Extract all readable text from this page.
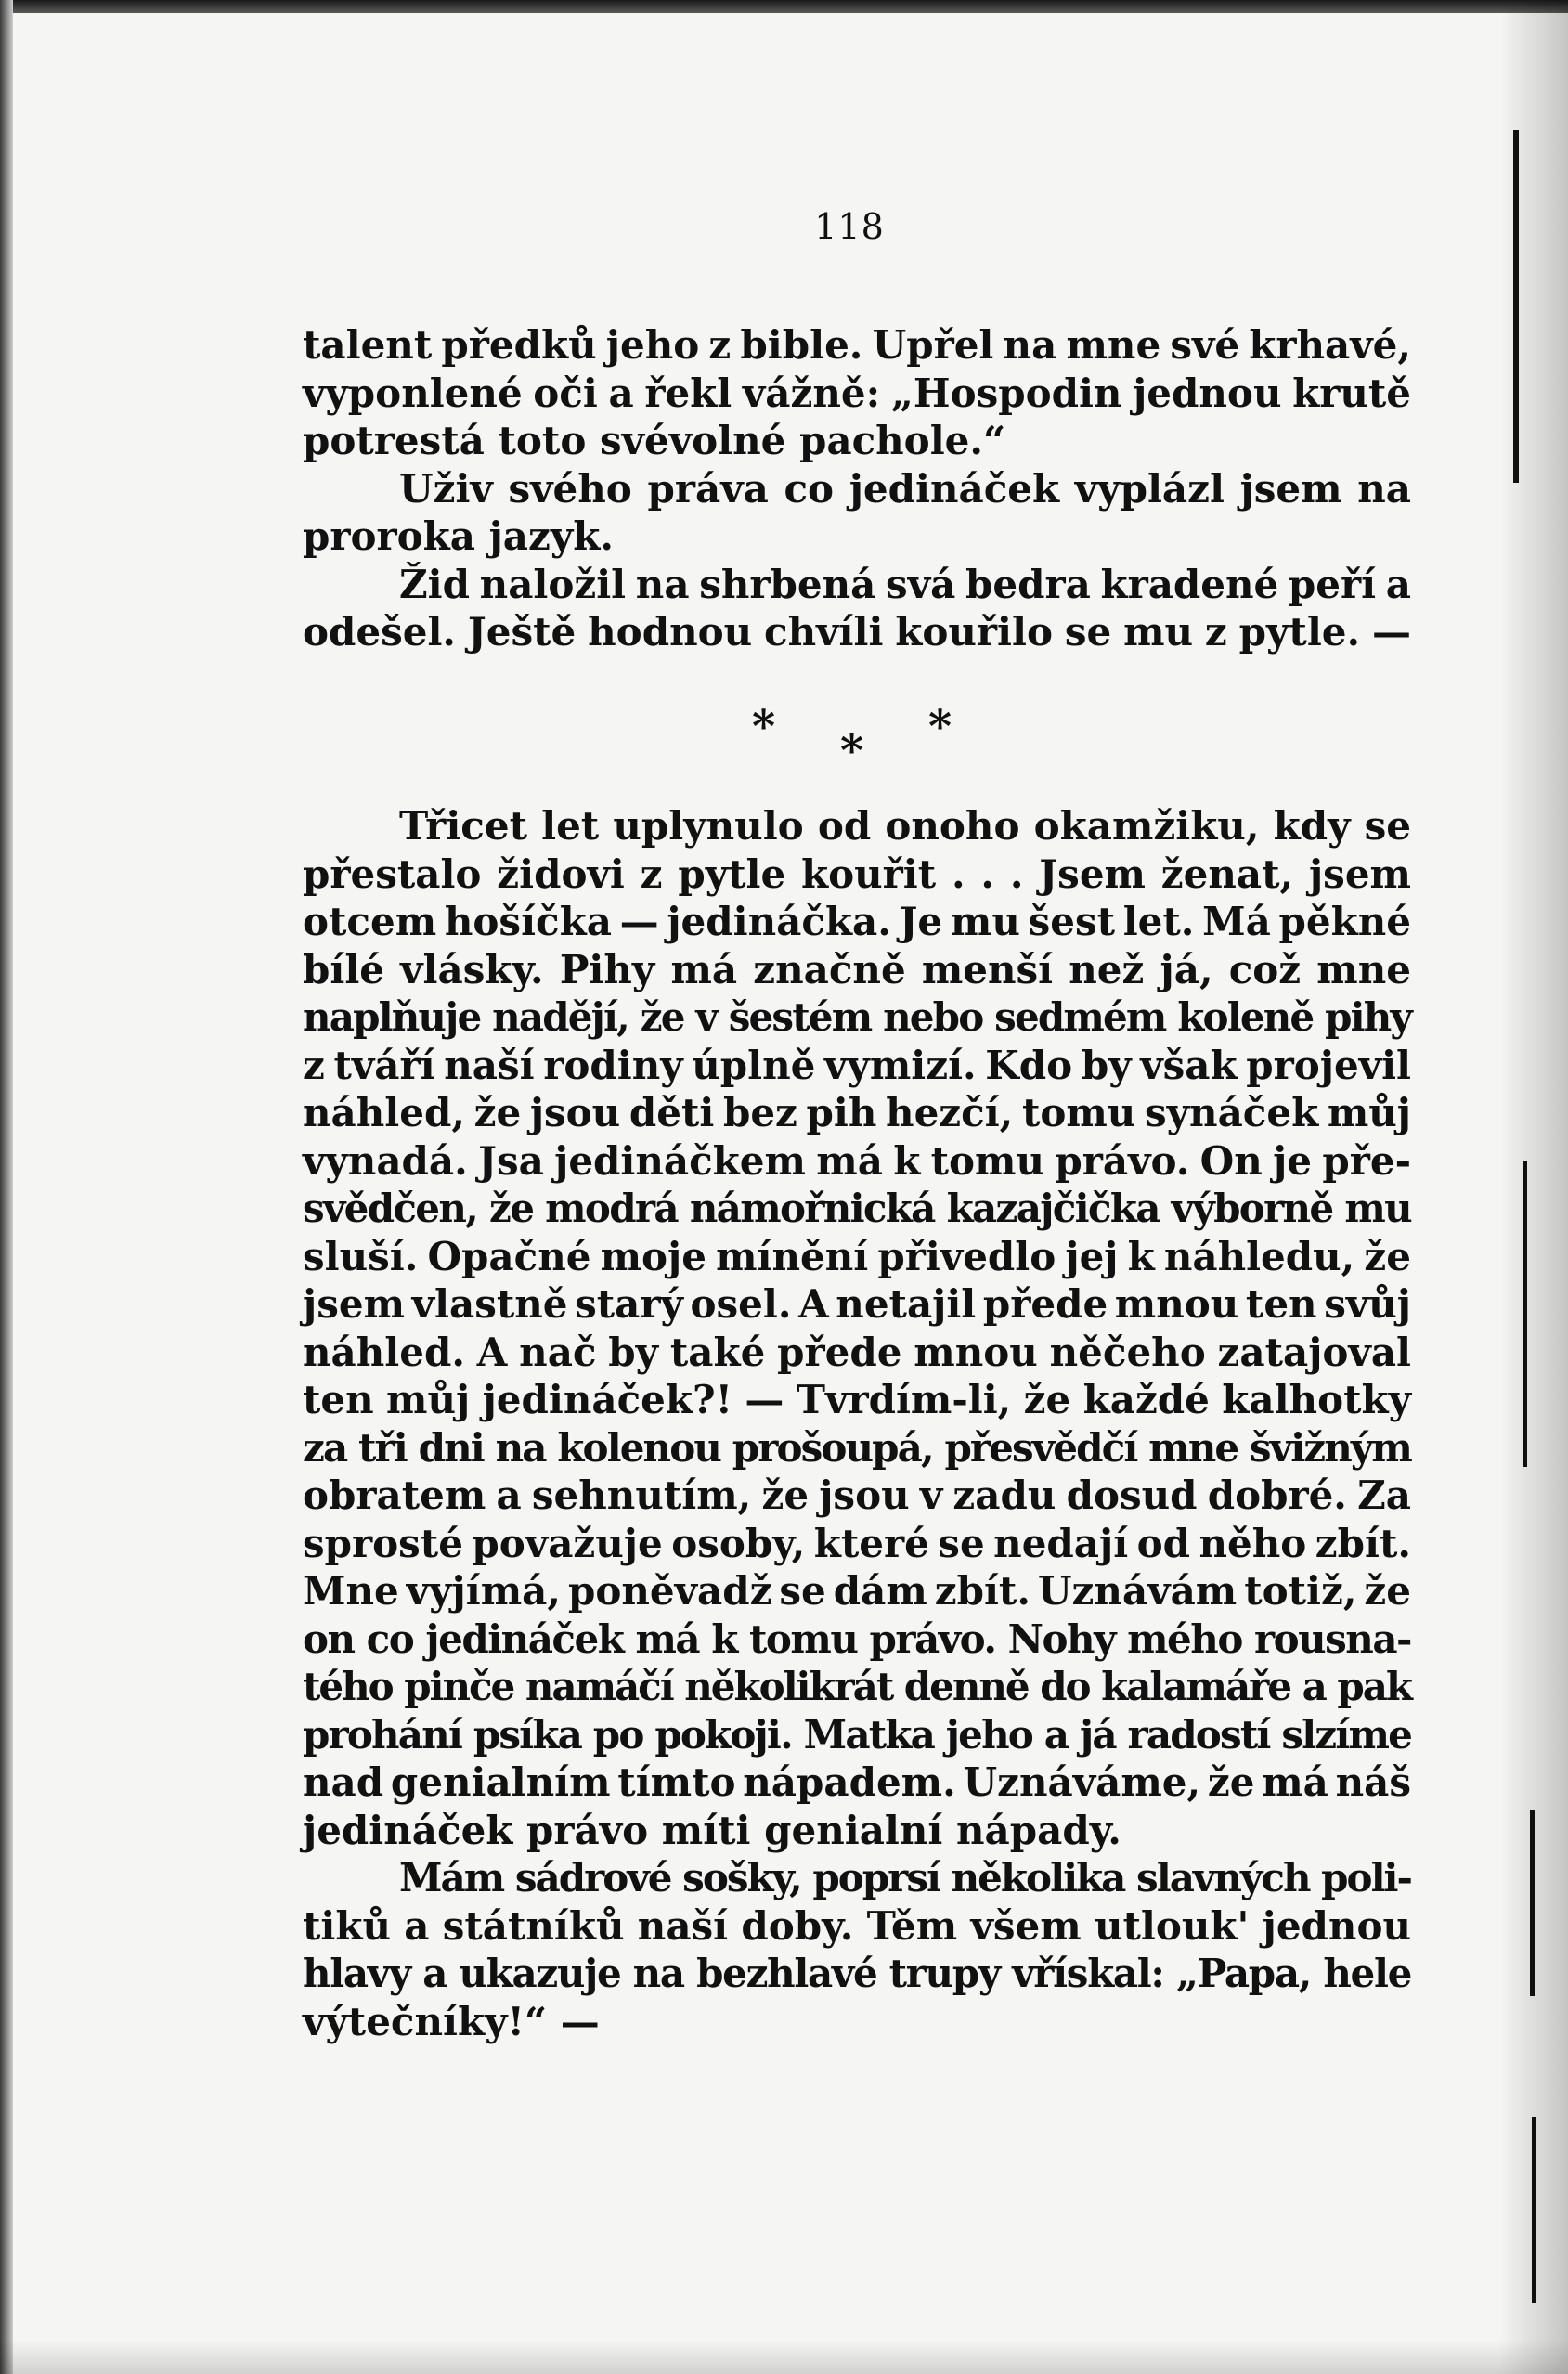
118
talent předků jeho z bible. Upřel na mne své krhavé,
vyponlené oči a řekl vážně: „Hospodin jednou krutě
potrestá toto svévolné pachole.“
Uživ svého práva co jedináček vyplázl jsem na
proroka jazyk.
Žid naložil na shrbená svá bedra kradené peří a
odešel. Ještě hodnou chvíli kouřilo se mu z pytle. —
* * *
Třicet let uplynulo od onoho okamžiku, kdy se
přestalo židovi z pytle kouřit . . . Jsem ženat, jsem
otcem hošíčka — jedináčka. Je mu šest let. Má pěkné
bílé vlásky. Pihy má značně menší než já, což mne
naplňuje nadějí, že v šestém nebo sedmém koleně pihy
z tváří naší rodiny úplně vymizí. Kdo by však projevil
náhled, že jsou děti bez pih hezčí, tomu synáček můj
vynadá. Jsa jedináčkem má k tomu právo. On je pře-
svědčen, že modrá námořnická kazajčička výborně mu
sluší. Opačné moje mínění přivedlo jej k náhledu, že
jsem vlastně starý osel. A netajil přede mnou ten svůj
náhled. A nač by také přede mnou něčeho zatajoval
ten můj jedináček?! — Tvrdím-li, že každé kalhotky
za tři dni na kolenou prošoupá, přesvědčí mne švižným
obratem a sehnutím, že jsou v zadu dosud dobré. Za
sprosté považuje osoby, které se nedají od něho zbít.
Mne vyjímá, poněvadž se dám zbít. Uznávám totiž, že
on co jedináček má k tomu právo. Nohy mého rousna-
tého pinče namáčí několikrát denně do kalamáře a pak
prohání psíka po pokoji. Matka jeho a já radostí slzíme
nad genialním tímto nápadem. Uznáváme, že má náš
jedináček právo míti genialní nápady.
Mám sádrové sošky, poprsí několika slavných poli-
tiků a státníků naší doby. Těm všem utlouk' jednou
hlavy a ukazuje na bezhlavé trupy vřískal: „Papa, hele
výtečníky!“ —
